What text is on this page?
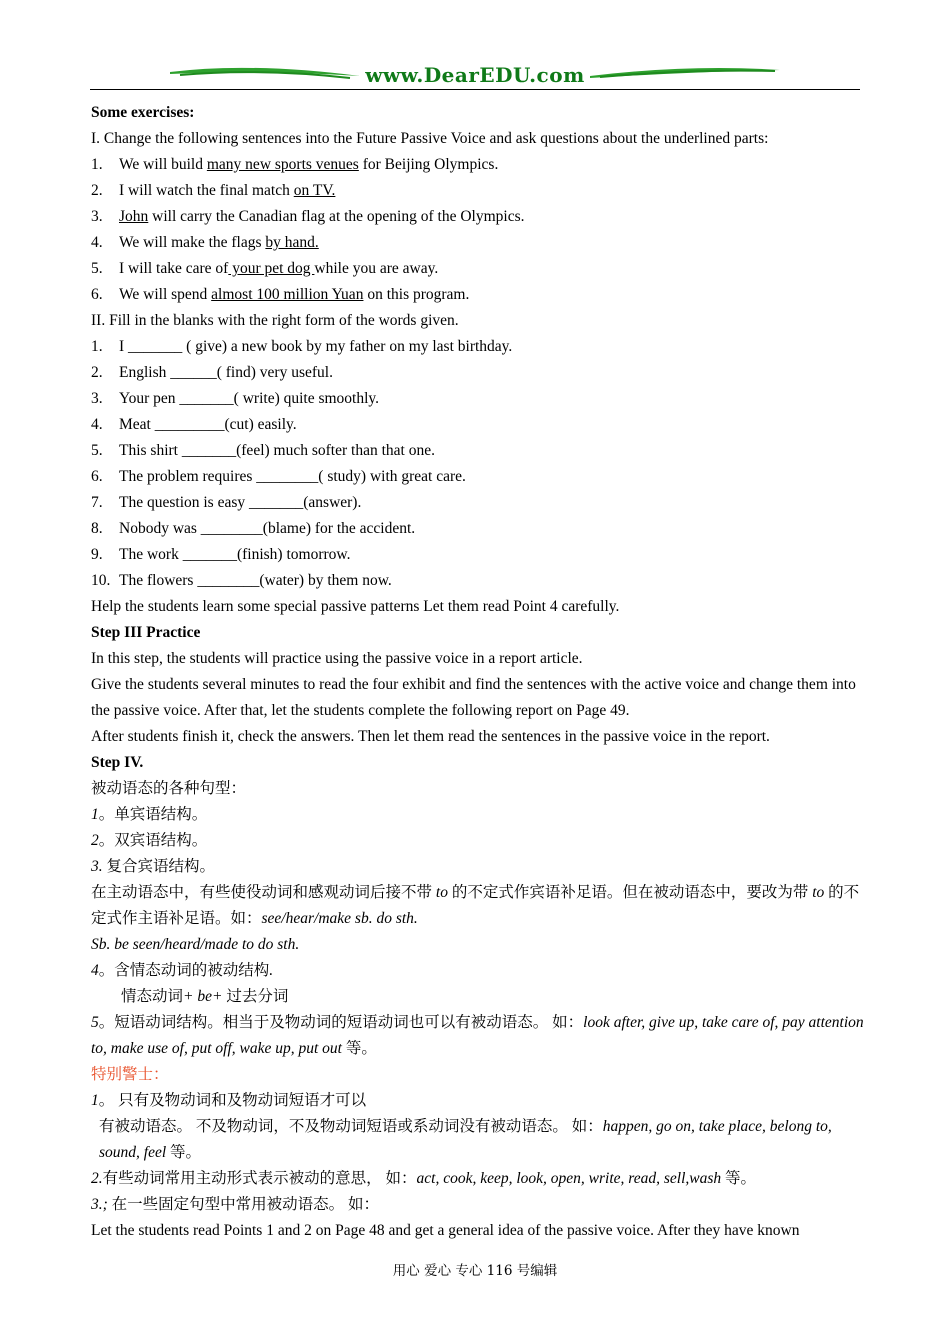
www.DearEDU.com
Some exercises:
I. Change the following sentences into the Future Passive Voice and ask questions about the underlined parts:
1. We will build many new sports venues for Beijing Olympics.
2. I will watch the final match on TV.
3. John will carry the Canadian flag at the opening of the Olympics.
4. We will make the flags by hand.
5. I will take care of your pet dog while you are away.
6. We will spend almost 100 million Yuan on this program.
II. Fill in the blanks with the right form of the words given.
1. I _______ ( give) a new book by my father on my last birthday.
2. English ______( find) very useful.
3. Your pen _______( write) quite smoothly.
4. Meat _________(cut) easily.
5. This shirt _______(feel) much softer than that one.
6. The problem requires ________( study) with great care.
7. The question is easy _______(answer).
8. Nobody was ________(blame) for the accident.
9. The work _______(finish) tomorrow.
10. The flowers ________(water) by them now.
Help the students learn some special passive patterns Let them read Point 4 carefully.
Step III Practice
In this step, the students will practice using the passive voice in a report article.
Give the students several minutes to read the four exhibit and find the sentences with the active voice and change them into the passive voice. After that, let the students complete the following report on Page 49.
After students finish it, check the answers. Then let them read the sentences in the passive voice in the report.
Step IV.
被动语态的各种句型：
1。单宾语结构。
2。双宾语结构。
3. 复合宾语结构。
在主动语态中，有些使役动词和感观动词后接不带 to 的不定式作宾语补足语。但在被动语态中，要改为带 to 的不定式作主语补足语。如：see/hear/make sb. do sth.
Sb. be seen/heard/made to do sth.
4。含情态动词的被动结构.
情态动词+ be+ 过去分词
5。短语动词结构。相当于及物动词的短语动词也可以有被动语态。 如：look after, give up, take care of, pay attention to, make use of, put off, wake up, put out 等。
特别警士：
1。 只有及物动词和及物动词短语才可以
有被动语态。 不及物动词，不及物动词短语或系动词没有被动语态。 如：happen, go on, take place, belong to, sound, feel 等。
2.有些动词常用主动形式表示被动的意思， 如：act, cook, keep, look, open, write, read, sell,wash 等。
3.; 在一些固定句型中常用被动语态。 如：
Let the students read Points 1 and 2 on Page 48 and get a general idea of the passive voice. After they have known
用心 爱心 专心 116 号编辑
